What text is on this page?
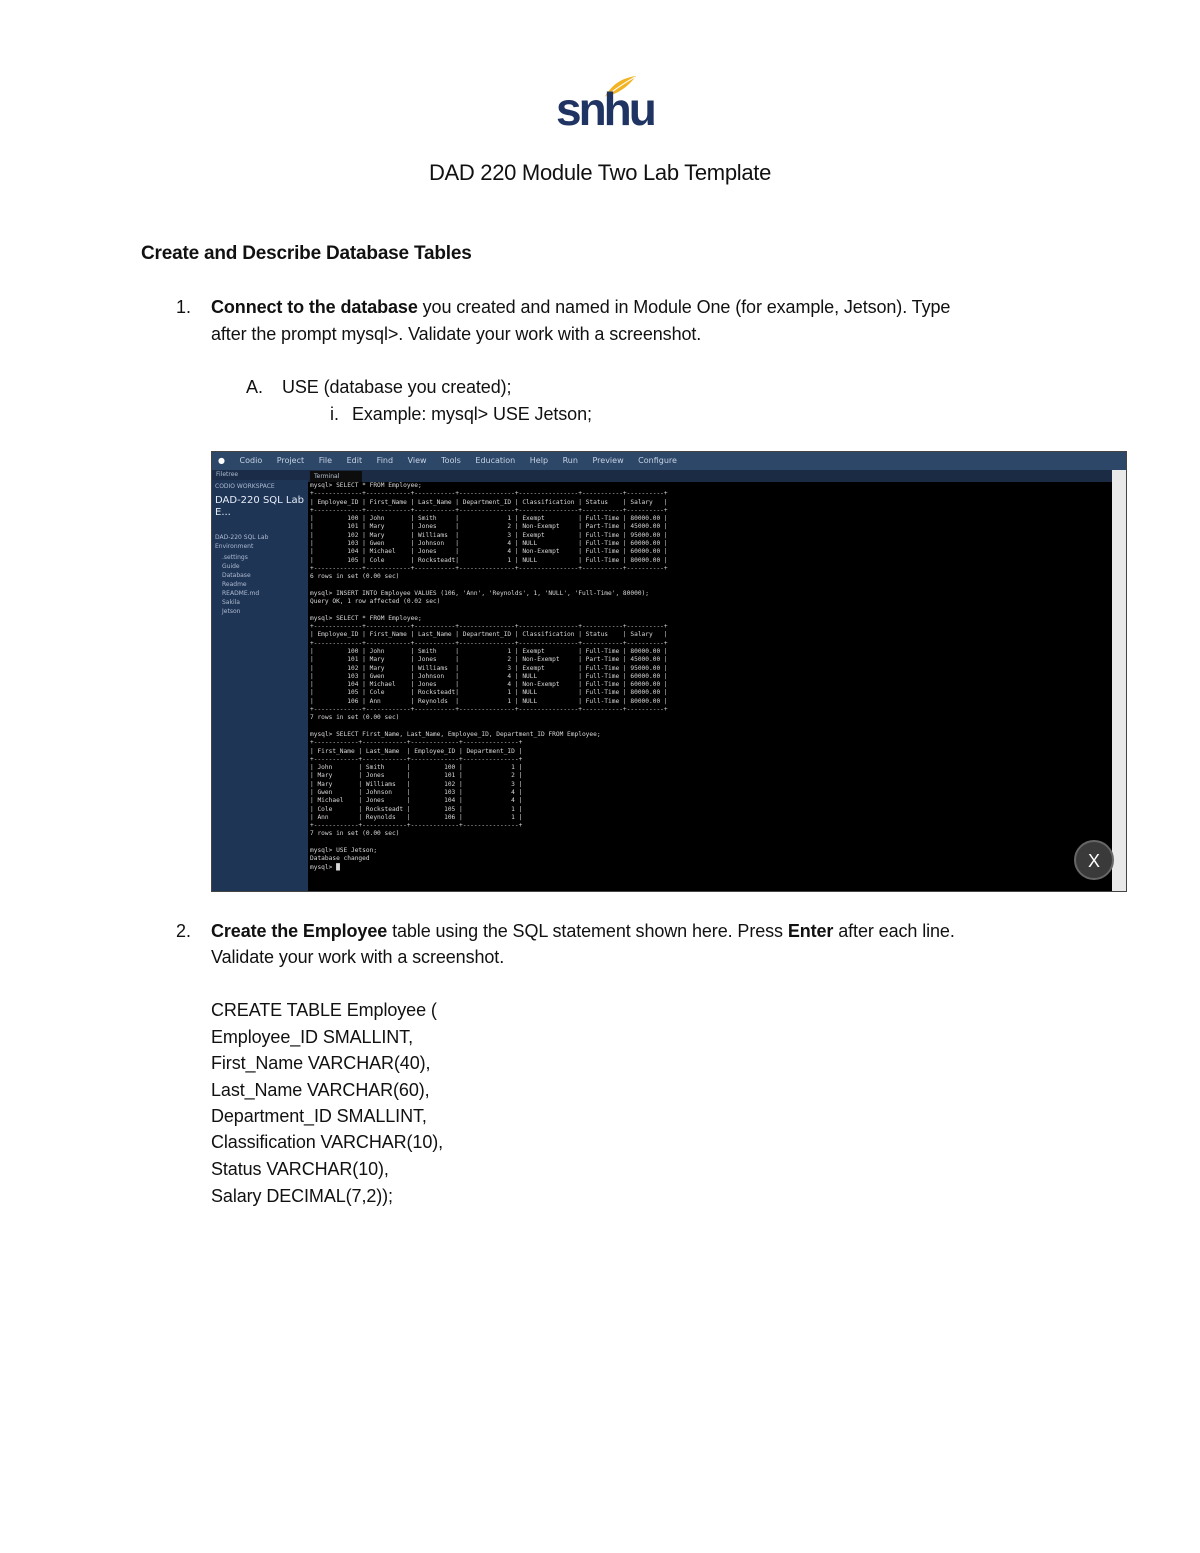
snhu
DAD 220 Module Two Lab Template
Create and Describe Database Tables
1. Connect to the database you created and named in Module One (for example, Jetson). Type
after the prompt mysql>. Validate your work with a screenshot.
A. USE (database you created);
i. Example: mysql> USE Jetson;
● Codio Project File Edit Find View Tools Education Help Run Preview Configure
Filetree
CODIO WORKSPACE
DAD-220 SQL Lab E...
DAD-220 SQL Lab Environment
.settings
Guide
Database
Readme
README.md
Sakila
Jetson
Terminal
mysql> SELECT * FROM Employee;
+-------------+------------+-----------+---------------+----------------+-----------+----------+
| Employee_ID | First_Name | Last_Name | Department_ID | Classification | Status    | Salary   |
+-------------+------------+-----------+---------------+----------------+-----------+----------+
|         100 | John       | Smith     |             1 | Exempt         | Full-Time | 80000.00 |
|         101 | Mary       | Jones     |             2 | Non-Exempt     | Part-Time | 45000.00 |
|         102 | Mary       | Williams  |             3 | Exempt         | Full-Time | 95000.00 |
|         103 | Gwen       | Johnson   |             4 | NULL           | Full-Time | 60000.00 |
|         104 | Michael    | Jones     |             4 | Non-Exempt     | Full-Time | 60000.00 |
|         105 | Cole       | Rocksteadt|             1 | NULL           | Full-Time | 80000.00 |
+-------------+------------+-----------+---------------+----------------+-----------+----------+
6 rows in set (0.00 sec)

mysql> INSERT INTO Employee VALUES (106, 'Ann', 'Reynolds', 1, 'NULL', 'Full-Time', 80000);
Query OK, 1 row affected (0.02 sec)

mysql> SELECT * FROM Employee;
+-------------+------------+-----------+---------------+----------------+-----------+----------+
| Employee_ID | First_Name | Last_Name | Department_ID | Classification | Status    | Salary   |
+-------------+------------+-----------+---------------+----------------+-----------+----------+
|         100 | John       | Smith     |             1 | Exempt         | Full-Time | 80000.00 |
|         101 | Mary       | Jones     |             2 | Non-Exempt     | Part-Time | 45000.00 |
|         102 | Mary       | Williams  |             3 | Exempt         | Full-Time | 95000.00 |
|         103 | Gwen       | Johnson   |             4 | NULL           | Full-Time | 60000.00 |
|         104 | Michael    | Jones     |             4 | Non-Exempt     | Full-Time | 60000.00 |
|         105 | Cole       | Rocksteadt|             1 | NULL           | Full-Time | 80000.00 |
|         106 | Ann        | Reynolds  |             1 | NULL           | Full-Time | 80000.00 |
+-------------+------------+-----------+---------------+----------------+-----------+----------+
7 rows in set (0.00 sec)

mysql> SELECT First_Name, Last_Name, Employee_ID, Department_ID FROM Employee;
+------------+------------+-------------+---------------+
| First_Name | Last_Name  | Employee_ID | Department_ID |
+------------+------------+-------------+---------------+
| John       | Smith      |         100 |             1 |
| Mary       | Jones      |         101 |             2 |
| Mary       | Williams   |         102 |             3 |
| Gwen       | Johnson    |         103 |             4 |
| Michael    | Jones      |         104 |             4 |
| Cole       | Rocksteadt |         105 |             1 |
| Ann        | Reynolds   |         106 |             1 |
+------------+------------+-------------+---------------+
7 rows in set (0.00 sec)

mysql> USE Jetson;
Database changed
mysql> █	X
2. Create the Employee table using the SQL statement shown here. Press Enter after each line.
Validate your work with a screenshot.
CREATE TABLE Employee (
Employee_ID SMALLINT,
First_Name VARCHAR(40),
Last_Name VARCHAR(60),
Department_ID SMALLINT,
Classification VARCHAR(10),
Status VARCHAR(10),
Salary DECIMAL(7,2));
